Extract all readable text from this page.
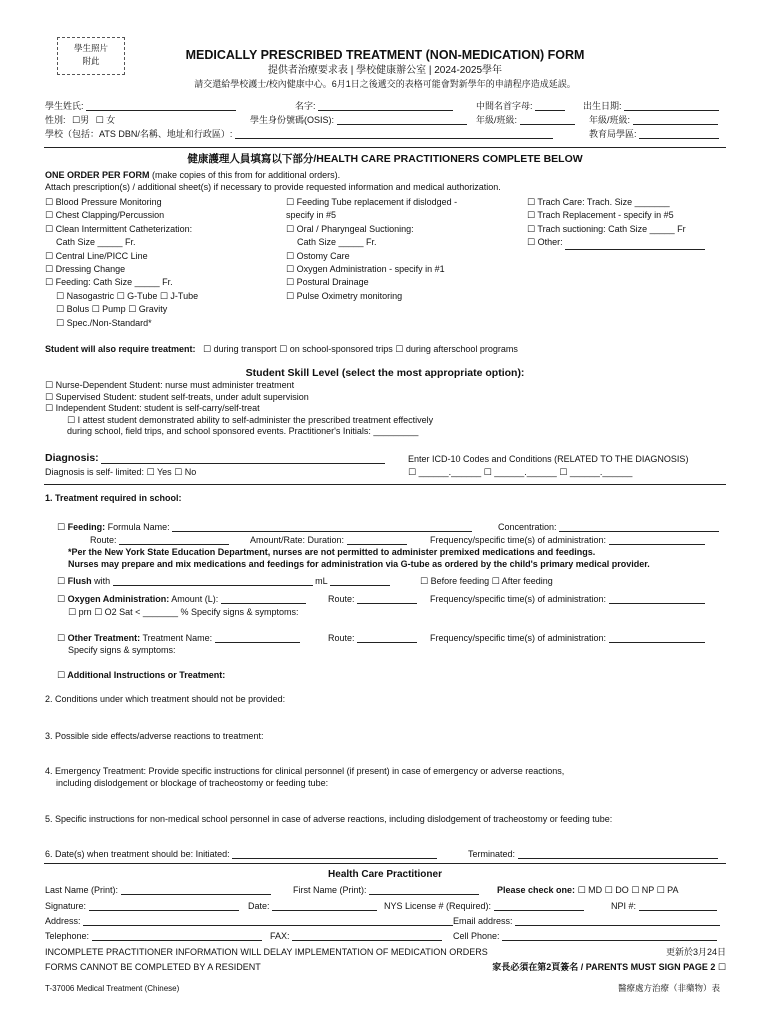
學生照片
附此	MEDICALLY PRESCRIBED TREATMENT (NON-MEDICATION) FORM
提供者治療要求表 | 學校健康辦公室 | 2024-2025學年
請交還給學校護士/校內健康中心。6月1日之後遞交的表格可能會對新學年的申請程序造成延誤。
學生姓氏:	名字:	中間名首字母:	出生日期:
性別: ☐男 ☐ 女	學生身份號碼(OSIS):	年級/班級:	年級/班級:
學校（包括：ATS DBN/名稱、地址和行政區）:	教育局學區:
健康護理人員填寫以下部分/HEALTH CARE PRACTITIONERS COMPLETE BELOW
ONE ORDER PER FORM (make copies of this from for additional orders).
Attach prescription(s) / additional sheet(s) if necessary to provide requested information and medical authorization.
☐ Blood Pressure Monitoring
☐ Chest Clapping/Percussion
☐ Clean Intermittent Catheterization:
Cath Size _____ Fr.
☐ Central Line/PICC Line
☐ Dressing Change
☐ Feeding: Cath Size _____ Fr.
☐ Nasogastric ☐ G-Tube ☐ J-Tube
☐ Bolus ☐ Pump ☐ Gravity
☐ Spec./Non-Standard*
☐ Feeding Tube replacement if dislodged -
specify in #5
☐ Oral / Pharyngeal Suctioning:
Cath Size _____ Fr.
☐ Ostomy Care
☐ Oxygen Administration - specify in #1
☐ Postural Drainage
☐ Pulse Oximetry monitoring
☐ Trach Care: Trach. Size _______
☐ Trach Replacement - specify in #5
☐ Trach suctioning: Cath Size _____ Fr
☐ Other:
Student will also require treatment: ☐ during transport ☐ on school-sponsored trips ☐ during afterschool programs
Student Skill Level (select the most appropriate option):
☐ Nurse-Dependent Student: nurse must administer treatment
☐ Supervised Student: student self-treats, under adult supervision
☐ Independent Student: student is self-carry/self-treat
☐ I attest student demonstrated ability to self-administer the prescribed treatment effectively
during school, field trips, and school sponsored events. Practitioner's Initials: _________
Diagnosis:
Diagnosis is self- limited: ☐ Yes ☐ No
Enter ICD-10 Codes and Conditions (RELATED TO THE DIAGNOSIS)
☐ ______.______ ☐ ______.______ ☐ ______.______
1. Treatment required in school:
☐ Feeding: Formula Name:	Concentration:
Route:	Amount/Rate: Duration:	Frequency/specific time(s) of administration:
*Per the New York State Education Department, nurses are not permitted to administer premixed medications and feedings.
Nurses may prepare and mix medications and feedings for administration via G-tube as ordered by the child's primary medical provider.
☐ Flush with	mL	☐ Before feeding ☐ After feeding
☐ Oxygen Administration: Amount (L):	Route:	Frequency/specific time(s) of administration:
☐ prn ☐ O2 Sat < _______ % Specify signs & symptoms:
☐ Other Treatment: Treatment Name:	Route:	Frequency/specific time(s) of administration:
Specify signs & symptoms:
☐ Additional Instructions or Treatment:
2. Conditions under which treatment should not be provided:
3. Possible side effects/adverse reactions to treatment:
4. Emergency Treatment: Provide specific instructions for clinical personnel (if present) in case of emergency or adverse reactions,
including dislodgement or blockage of tracheostomy or feeding tube:
5. Specific instructions for non-medical school personnel in case of adverse reactions, including dislodgement of tracheostomy or feeding tube:
6. Date(s) when treatment should be: Initiated:	Terminated:
Health Care Practitioner
Last Name (Print):	First Name (Print):	Please check one: ☐ MD ☐ DO ☐ NP ☐ PA
Signature:	Date:	NYS License # (Required):	NPI #:
Address:	Email address:
Telephone:	FAX:	Cell Phone:
INCOMPLETE PRACTITIONER INFORMATION WILL DELAY IMPLEMENTATION OF MEDICATION ORDERS	更新於3月24日
FORMS CANNOT BE COMPLETED BY A RESIDENT	家長必須在第2頁簽名 / PARENTS MUST SIGN PAGE 2 ☐
T-37006 Medical Treatment (Chinese)	醫療處方治療（非藥物）表
